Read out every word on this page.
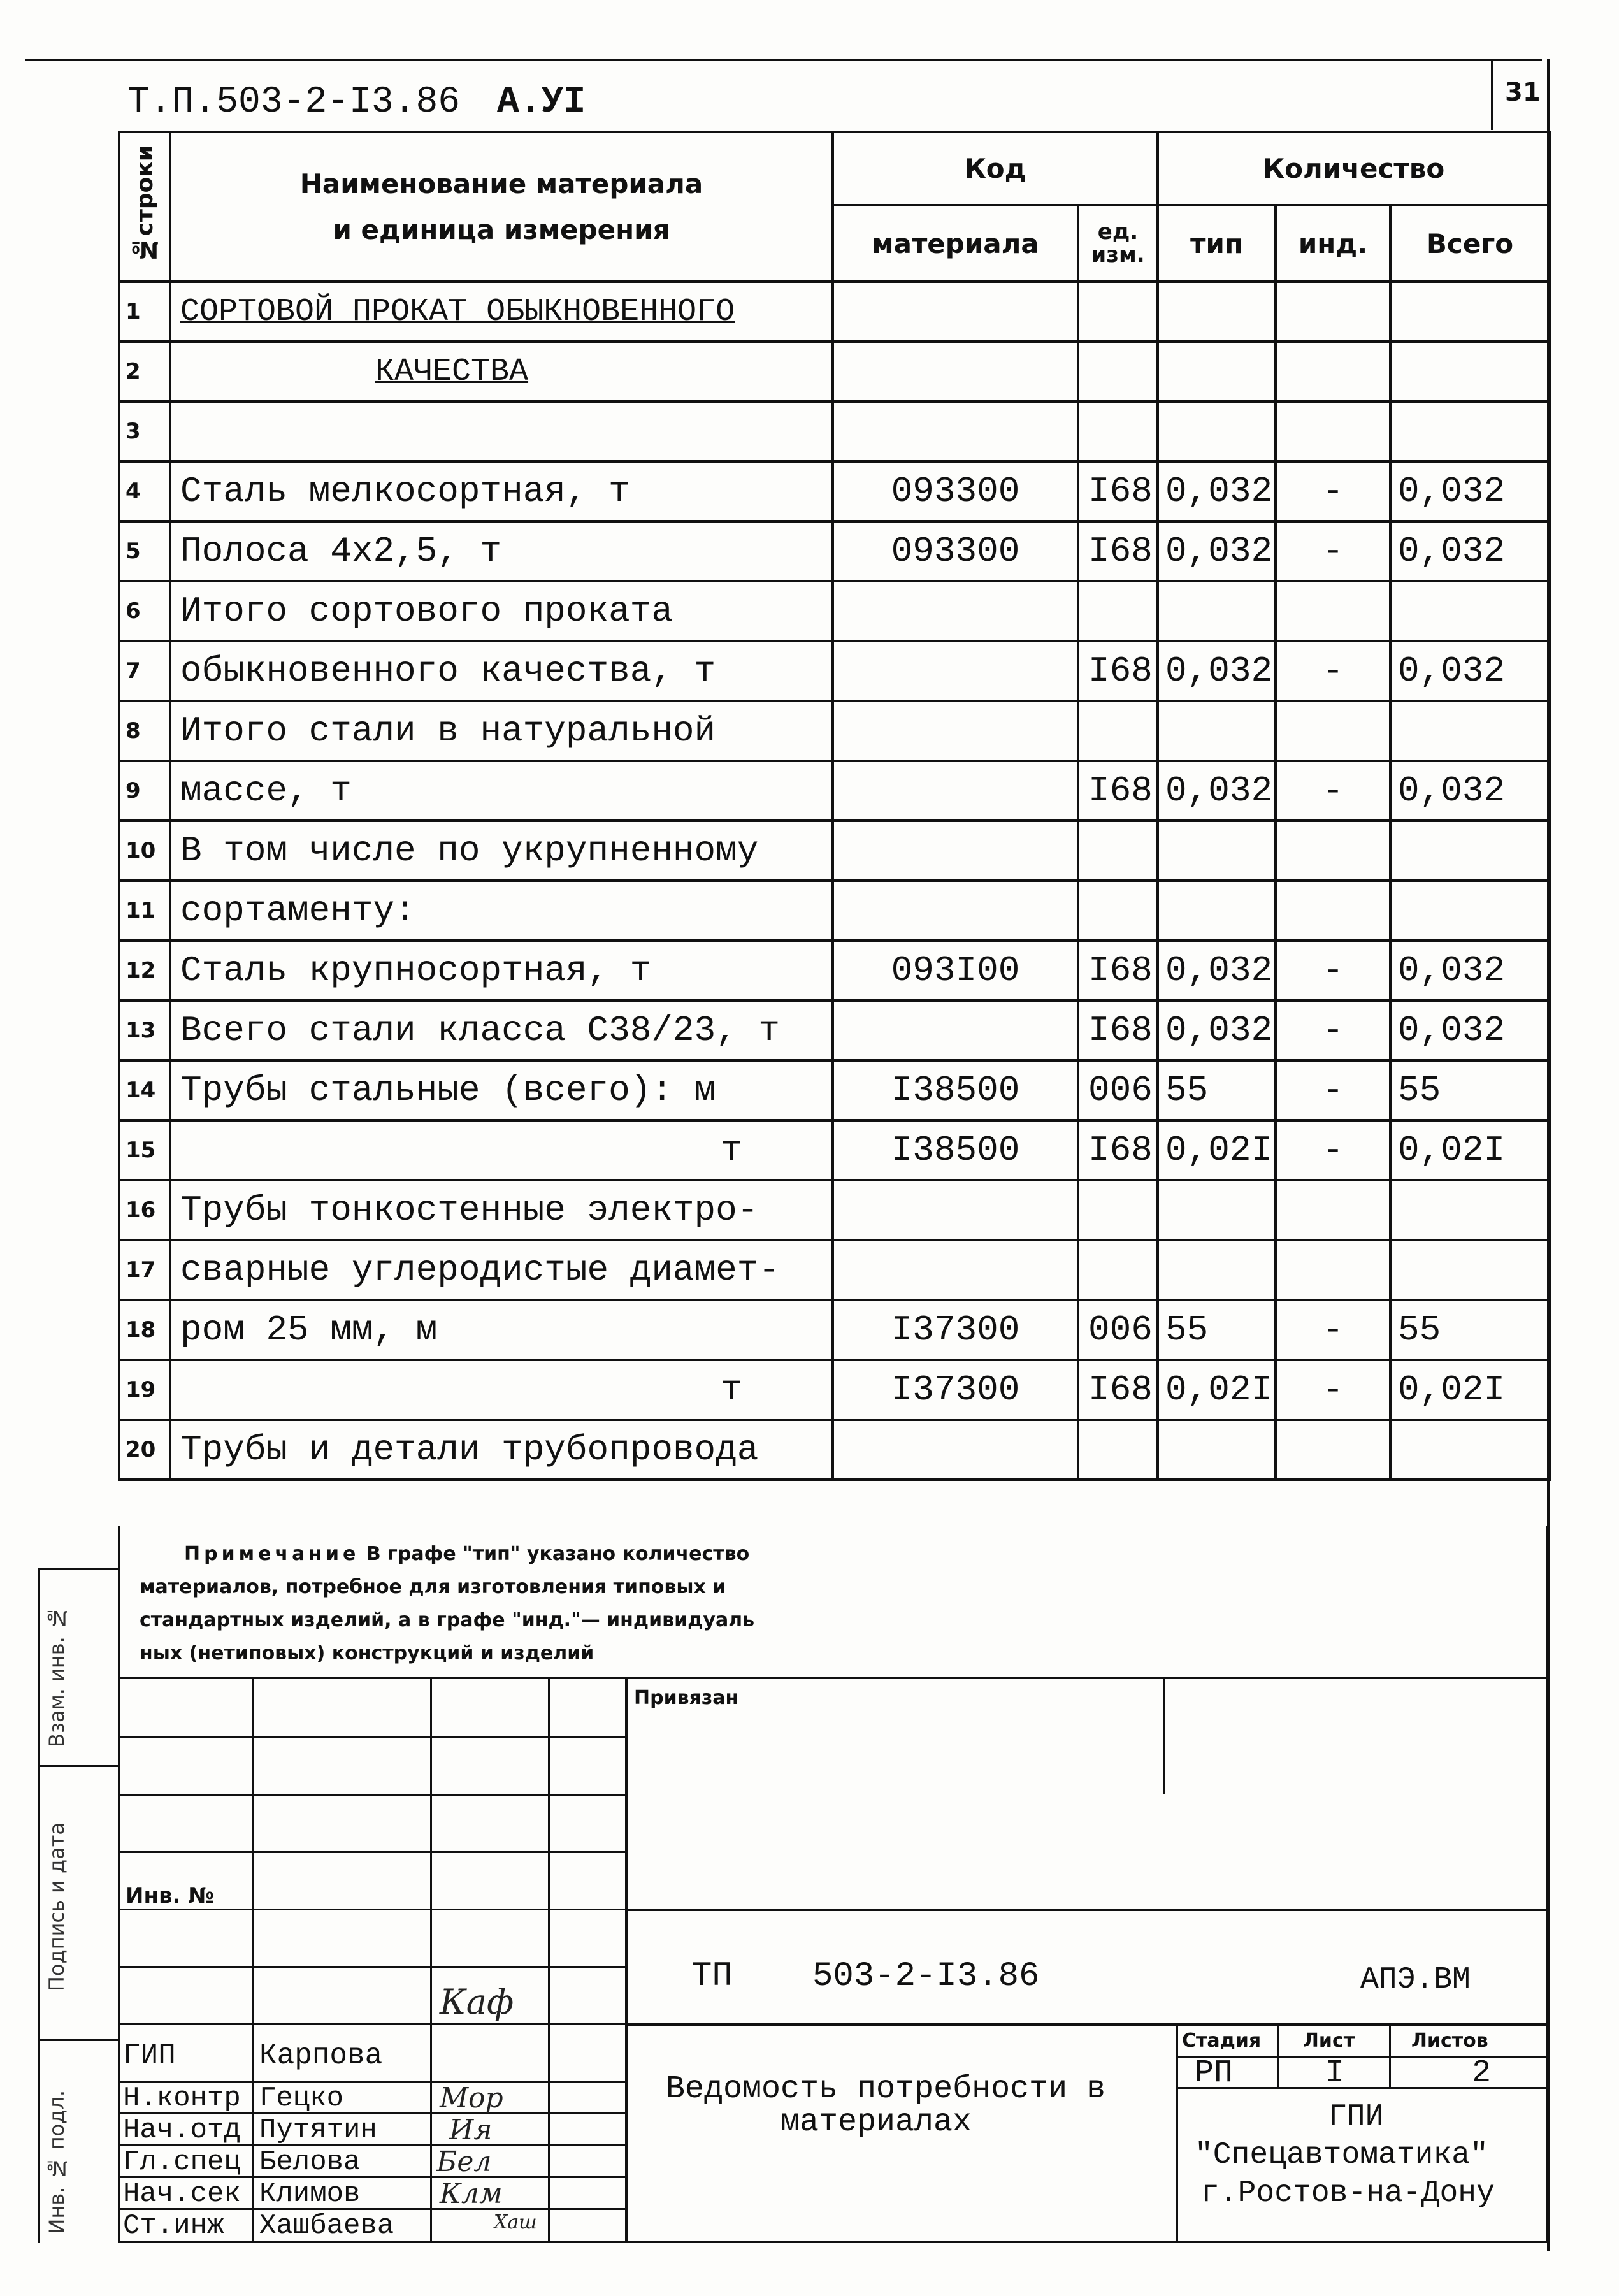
Т.П.503-2-I3.86 А.УI	31
№строки	Наименование материала
и единица измерения	Код		Количество		
		материала	ед. изм.	тип	инд.	Всего
1	СОРТОВОЙ ПРОКАТ ОБЫКНОВЕННОГО					
2	КАЧЕСТВА					
3						
4	Сталь мелкосортная, т	093300	I68	0,032	-	0,032
5	Полоса 4х2,5, т	093300	I68	0,032	-	0,032
6	Итого сортового проката					
7	обыкновенного качества, т		I68	0,032	-	0,032
8	Итого стали в натуральной					
9	массе, т		I68	0,032	-	0,032
10	В том числе по укрупненному					
11	сортаменту:					
12	Сталь крупносортная, т	093I00	I68	0,032	-	0,032
13	Всего стали класса С38/23, т		I68	0,032	-	0,032
14	Трубы стальные (всего): м	I38500	006	55	-	55
15	т	I38500	I68	0,02I	-	0,02I
16	Трубы тонкостенные электро-					
17	сварные углеродистые диамет-					
18	ром 25 мм, м	I37300	006	55	-	55
19	т	I37300	I68	0,02I	-	0,02I
20	Трубы и детали трубопровода					
Примечание В графе "тип" указано количество
материалов, потребное для изготовления типовых и
стандартных изделий, а в графе "инд."— индивидуаль
ных (нетиповых) конструкций и изделий
Привязан
Инв. №
ТП 503-2-I3.86	АПЭ.ВМ
Ведомость потребности в
материалах
Стадия Лист	Листов
РП	I	2
ГПИ
"Спецавтоматика"
г.Ростов-на-Дону
ГИП	Карпова
Н.контр Гецко
Нач.отд Путятин
Гл.спец Белова
Нач.сек Климов
Ст.инж Хашбаева
Каф
Мор
Ия
Бел
Клм
Хаш
Взам. инв. №
Подпись и дата
Инв. № подл.
